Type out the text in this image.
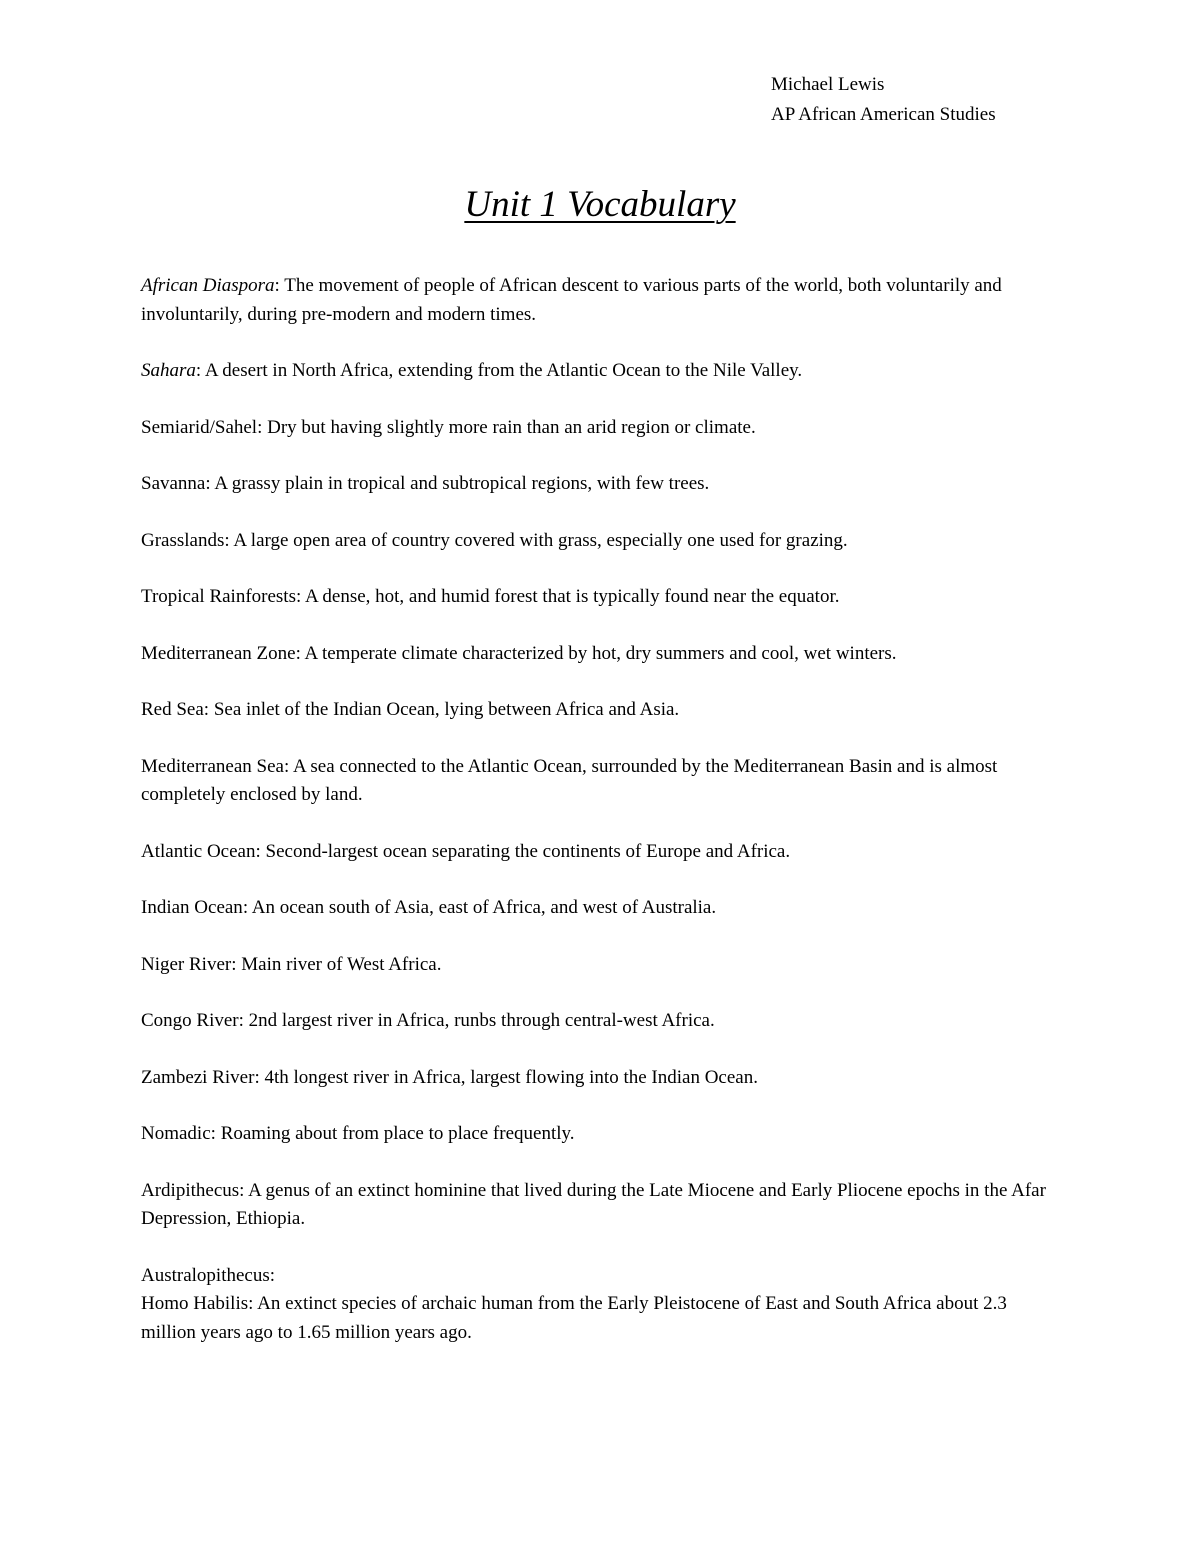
Michael Lewis
AP African American Studies
Unit 1 Vocabulary
African Diaspora: The movement of people of African descent to various parts of the world, both voluntarily and involuntarily, during pre-modern and modern times.
Sahara: A desert in North Africa, extending from the Atlantic Ocean to the Nile Valley.
Semiarid/Sahel: Dry but having slightly more rain than an arid region or climate.
Savanna: A grassy plain in tropical and subtropical regions, with few trees.
Grasslands: A large open area of country covered with grass, especially one used for grazing.
Tropical Rainforests: A dense, hot, and humid forest that is typically found near the equator.
Mediterranean Zone: A temperate climate characterized by hot, dry summers and cool, wet winters.
Red Sea: Sea inlet of the Indian Ocean, lying between Africa and Asia.
Mediterranean Sea: A sea connected to the Atlantic Ocean, surrounded by the Mediterranean Basin and is almost completely enclosed by land.
Atlantic Ocean: Second-largest ocean separating the continents of Europe and Africa.
Indian Ocean: An ocean south of Asia, east of Africa, and west of Australia.
Niger River: Main river of West Africa.
Congo River: 2nd largest river in Africa, runbs through central-west Africa.
Zambezi River: 4th longest river in Africa, largest flowing into the Indian Ocean.
Nomadic: Roaming about from place to place frequently.
Ardipithecus: A genus of an extinct hominine that lived during the Late Miocene and Early Pliocene epochs in the Afar Depression, Ethiopia.
Australopithecus:
Homo Habilis: An extinct species of archaic human from the Early Pleistocene of East and South Africa about 2.3 million years ago to 1.65 million years ago.
